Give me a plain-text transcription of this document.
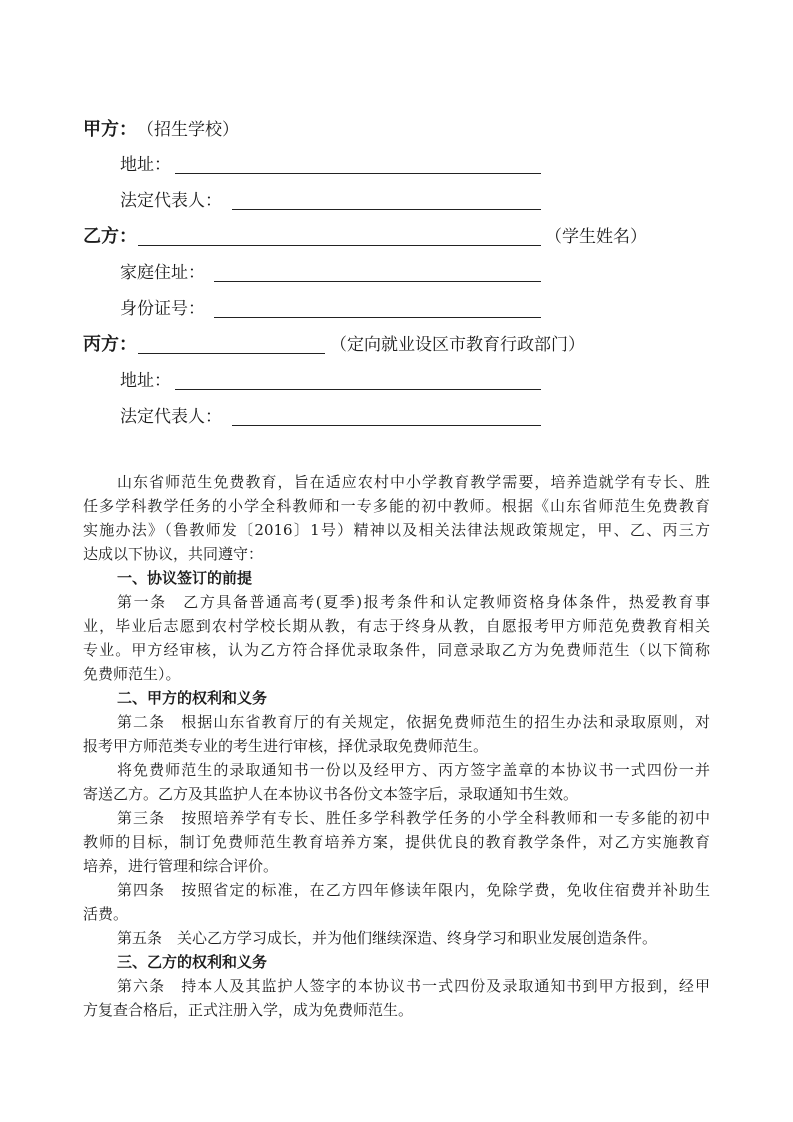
甲方： （招生学校）
地址：
法定代表人：
乙方：	（学生姓名）
家庭住址：
身份证号：
丙方：	（定向就业设区市教育行政部门）
地址：
法定代表人：
山东省师范生免费教育，旨在适应农村中小学教育教学需要，培养造就学有专长、胜
任多学科教学任务的小学全科教师和一专多能的初中教师。根据《山东省师范生免费教育
实施办法》（鲁教师发〔2016〕1号）精神以及相关法律法规政策规定，甲、乙、丙三方
达成以下协议，共同遵守：
一、协议签订的前提
第一条　乙方具备普通高考(夏季)报考条件和认定教师资格身体条件，热爱教育事
业，毕业后志愿到农村学校长期从教，有志于终身从教，自愿报考甲方师范免费教育相关
专业。甲方经审核，认为乙方符合择优录取条件，同意录取乙方为免费师范生（以下简称
免费师范生）。
二、甲方的权利和义务
第二条　根据山东省教育厅的有关规定，依据免费师范生的招生办法和录取原则，对
报考甲方师范类专业的考生进行审核，择优录取免费师范生。
将免费师范生的录取通知书一份以及经甲方、丙方签字盖章的本协议书一式四份一并
寄送乙方。乙方及其监护人在本协议书各份文本签字后，录取通知书生效。
第三条　按照培养学有专长、胜任多学科教学任务的小学全科教师和一专多能的初中
教师的目标，制订免费师范生教育培养方案，提供优良的教育教学条件，对乙方实施教育
培养，进行管理和综合评价。
第四条　按照省定的标准，在乙方四年修读年限内，免除学费，免收住宿费并补助生
活费。
第五条　关心乙方学习成长，并为他们继续深造、终身学习和职业发展创造条件。
三、乙方的权利和义务
第六条　持本人及其监护人签字的本协议书一式四份及录取通知书到甲方报到，经甲
方复查合格后，正式注册入学，成为免费师范生。
